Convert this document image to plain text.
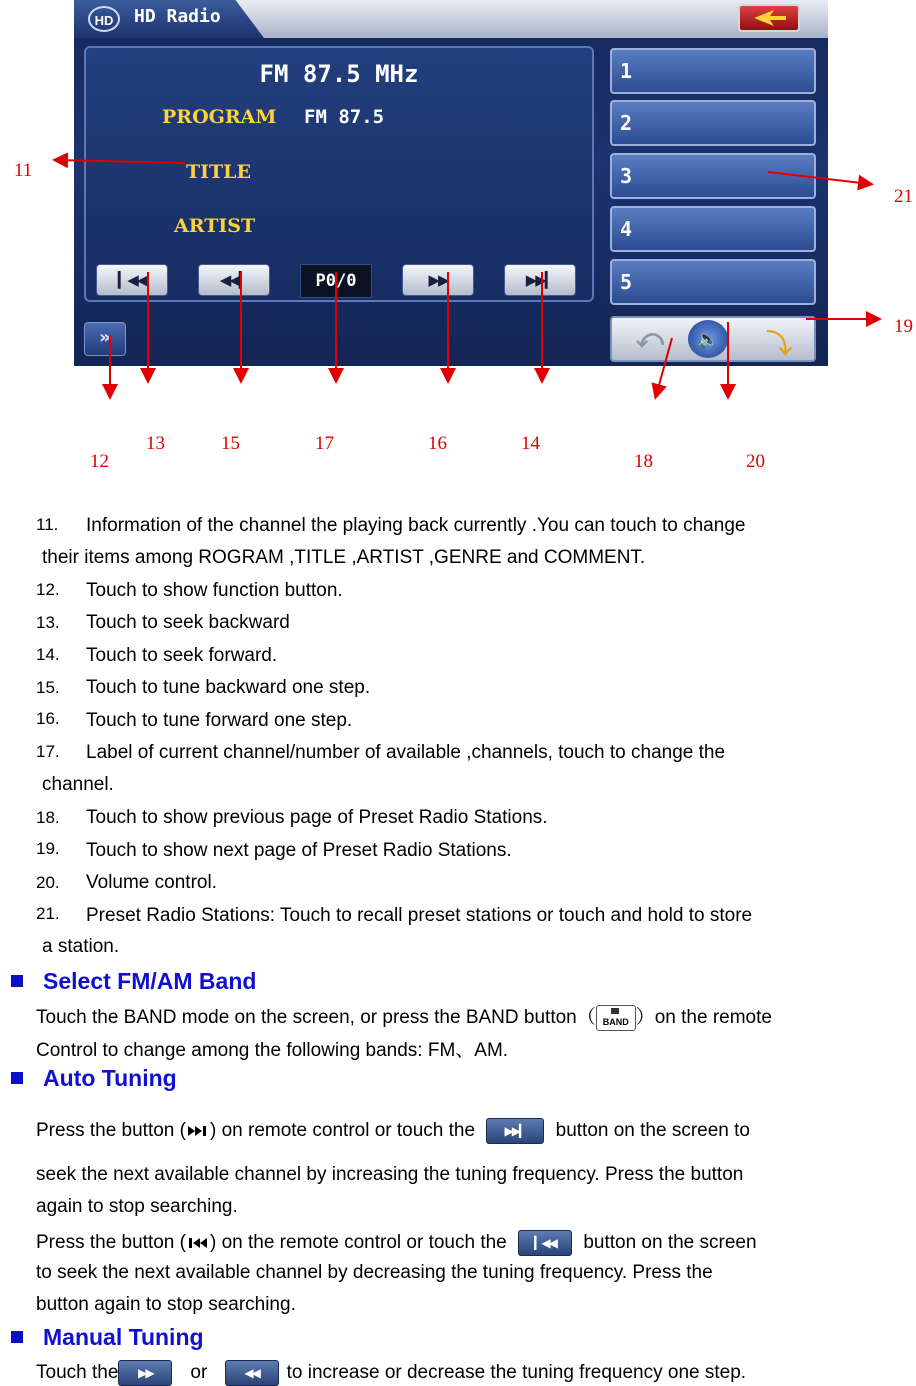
HD	HD Radio
FM 87.5 MHz
PROGRAM FM 87.5
TITLE
ARTIST
▎◀◀	◀◀▎	P0/0	▶▶	▶▶▎
»
1
2
3
4
5
⤺	🔈	⤵
11
12
13	15	17	16	14
18	20
21
19
11. Information of the channel the playing back currently .You can touch to change
their items among ROGRAM ,TITLE ,ARTIST ,GENRE and COMMENT.
12. Touch to show function button.
13. Touch to seek backward
14. Touch to seek forward.
15. Touch to tune backward one step.
16. Touch to tune forward one step.
17. Label of current channel/number of available ,channels, touch to change the
channel.
18. Touch to show previous page of Preset Radio Stations.
19. Touch to show next page of Preset Radio Stations.
20. Volume control.
21. Preset Radio Stations: Touch to recall preset stations or touch and hold to store
a station.
Select FM/AM Band
Touch the BAND mode on the screen, or press the BAND button（ BAND ）on the remote
Control to change among the following bands: FM、AM.
Auto Tuning
Press the button ( ) on remote control or touch the ▶▶▎ button on the screen to
seek the next available channel by increasing the tuning frequency. Press the button
again to stop searching.
Press the button ( ) on the remote control or touch the ▎◀◀ button on the screen
to seek the next available channel by decreasing the tuning frequency. Press the
button again to stop searching.
Manual Tuning
Touch the ▶▶ or	◀◀ to increase or decrease the tuning frequency one step.
